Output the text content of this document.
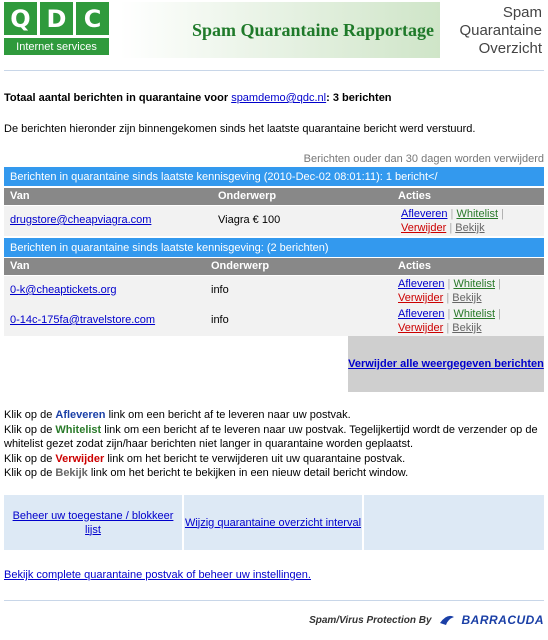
Q D C
Internet services
Spam Quarantaine Rapportage
Spam
Quarantaine
Overzicht
Totaal aantal berichten in quarantaine voor spamdemo@qdc.nl: 3 berichten
De berichten hieronder zijn binnengekomen sinds het laatste quarantaine bericht werd verstuurd.
Berichten ouder dan 30 dagen worden verwijderd
Berichten in quarantaine sinds laatste kennisgeving (2010-Dec-02 08:01:11): 1 bericht</
Van	Onderwerp	Acties
drugstore@cheapviagra.com	Viagra € 100	Afleveren | Whitelist |
Verwijder | Bekijk
Berichten in quarantaine sinds laatste kennisgeving: (2 berichten)
Van	Onderwerp	Acties
0-k@cheaptickets.org	info	Afleveren | Whitelist |
Verwijder | Bekijk
0-14c-175fa@travelstore.com	info	Afleveren | Whitelist |
Verwijder | Bekijk
Verwijder alle weergegeven berichten
Klik op de Afleveren link om een bericht af te leveren naar uw postvak.
Klik op de Whitelist link om een bericht af te leveren naar uw postvak. Tegelijkertijd wordt de verzender op de whitelist gezet zodat zijn/haar berichten niet langer in quarantaine worden geplaatst.
Klik op de Verwijder link om het bericht te verwijderen uit uw quarantaine postvak.
Klik op de Bekijk link om het bericht te bekijken in een nieuw detail bericht window.
Beheer uw toegestane / blokkeer lijst
Wijzig quarantaine overzicht interval
Bekijk complete quarantaine postvak of beheer uw instellingen.
Spam/Virus Protection By	BARRACUDA
